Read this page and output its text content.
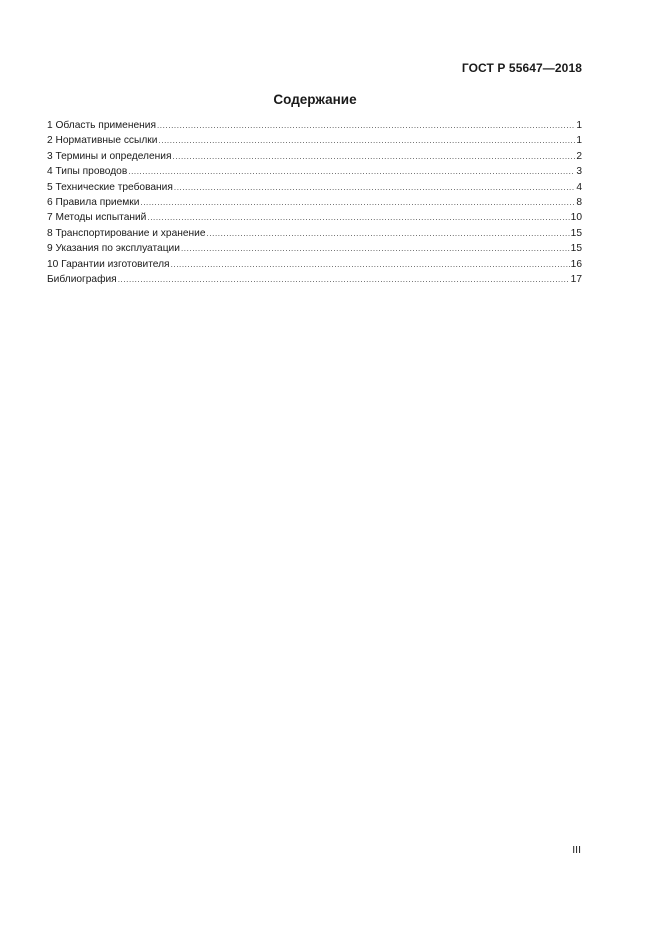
ГОСТ Р 55647—2018
Содержание
1 Область применения .....	1
2 Нормативные ссылки .....	1
3 Термины и определения .....	2
4 Типы проводов .....	3
5 Технические требования .....	4
6 Правила приемки .....	8
7 Методы испытаний .....	10
8 Транспортирование и хранение .....	15
9 Указания по эксплуатации .....	15
10 Гарантии изготовителя .....	16
Библиография .....	17
III
